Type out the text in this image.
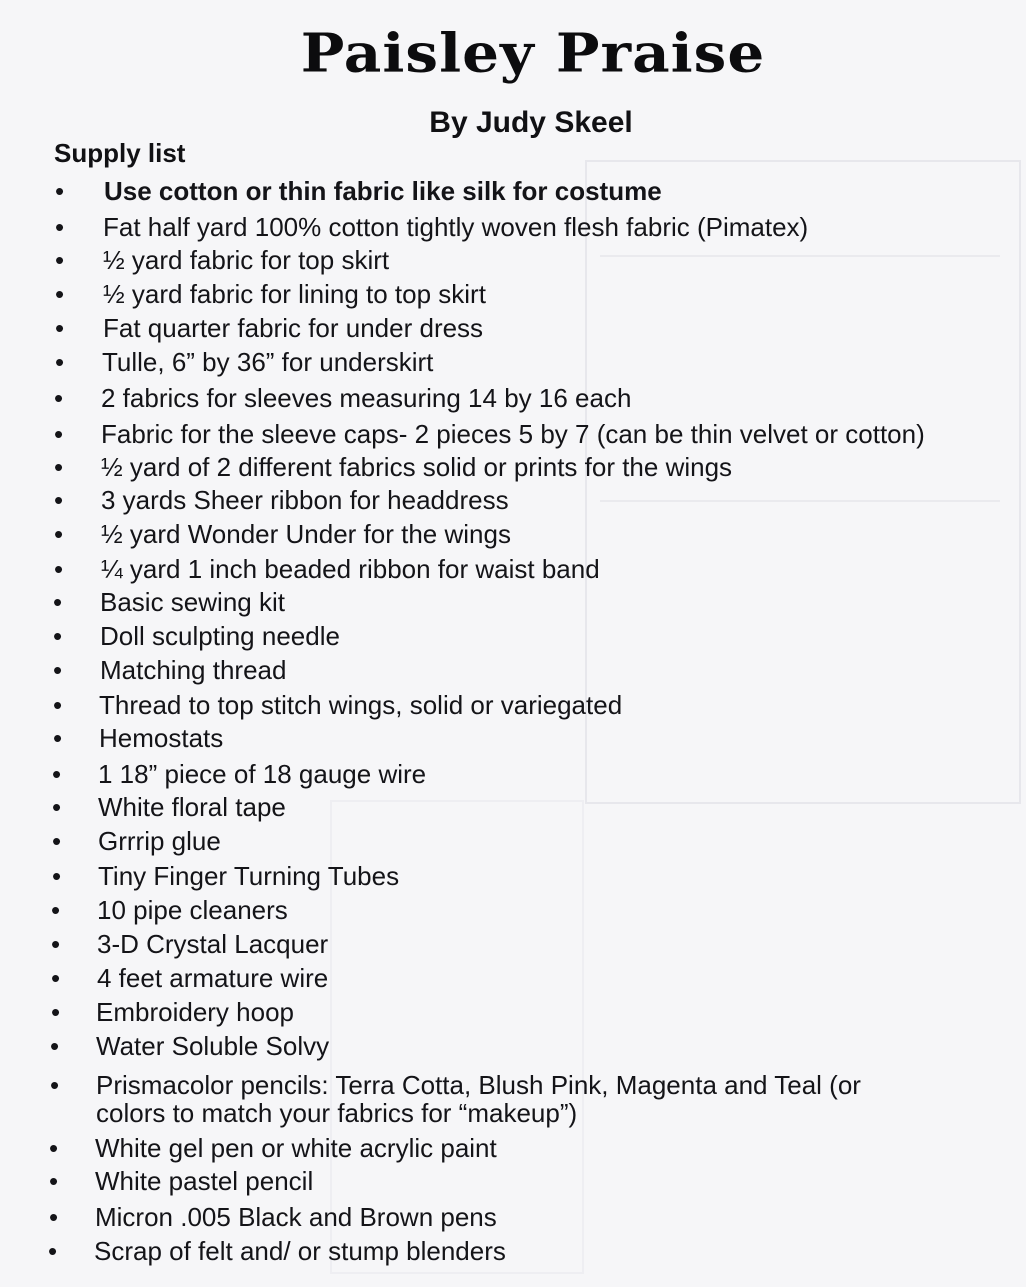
Paisley Praise
By Judy Skeel
Supply list
• Use cotton or thin fabric like silk for costume
• Fat half yard 100% cotton tightly woven flesh fabric (Pimatex)
• ½ yard fabric for top skirt
• ½ yard fabric for lining to top skirt
• Fat quarter fabric for under dress
• Tulle, 6” by 36” for underskirt
• 2 fabrics for sleeves measuring 14 by 16 each
• Fabric for the sleeve caps- 2 pieces 5 by 7 (can be thin velvet or cotton)
• ½ yard of 2 different fabrics solid or prints for the wings
• 3 yards Sheer ribbon for headdress
• ½ yard Wonder Under for the wings
• ¼ yard 1 inch beaded ribbon for waist band
• Basic sewing kit
• Doll sculpting needle
• Matching thread
• Thread to top stitch wings, solid or variegated
• Hemostats
• 1 18” piece of 18 gauge wire
• White floral tape
• Grrrip glue
• Tiny Finger Turning Tubes
• 10 pipe cleaners
• 3-D Crystal Lacquer
• 4 feet armature wire
• Embroidery hoop
• Water Soluble Solvy
• Prismacolor pencils: Terra Cotta, Blush Pink, Magenta and Teal (or
colors to match your fabrics for “makeup”)
• White gel pen or white acrylic paint
• White pastel pencil
• Micron .005 Black and Brown pens
• Scrap of felt and/ or stump blenders
